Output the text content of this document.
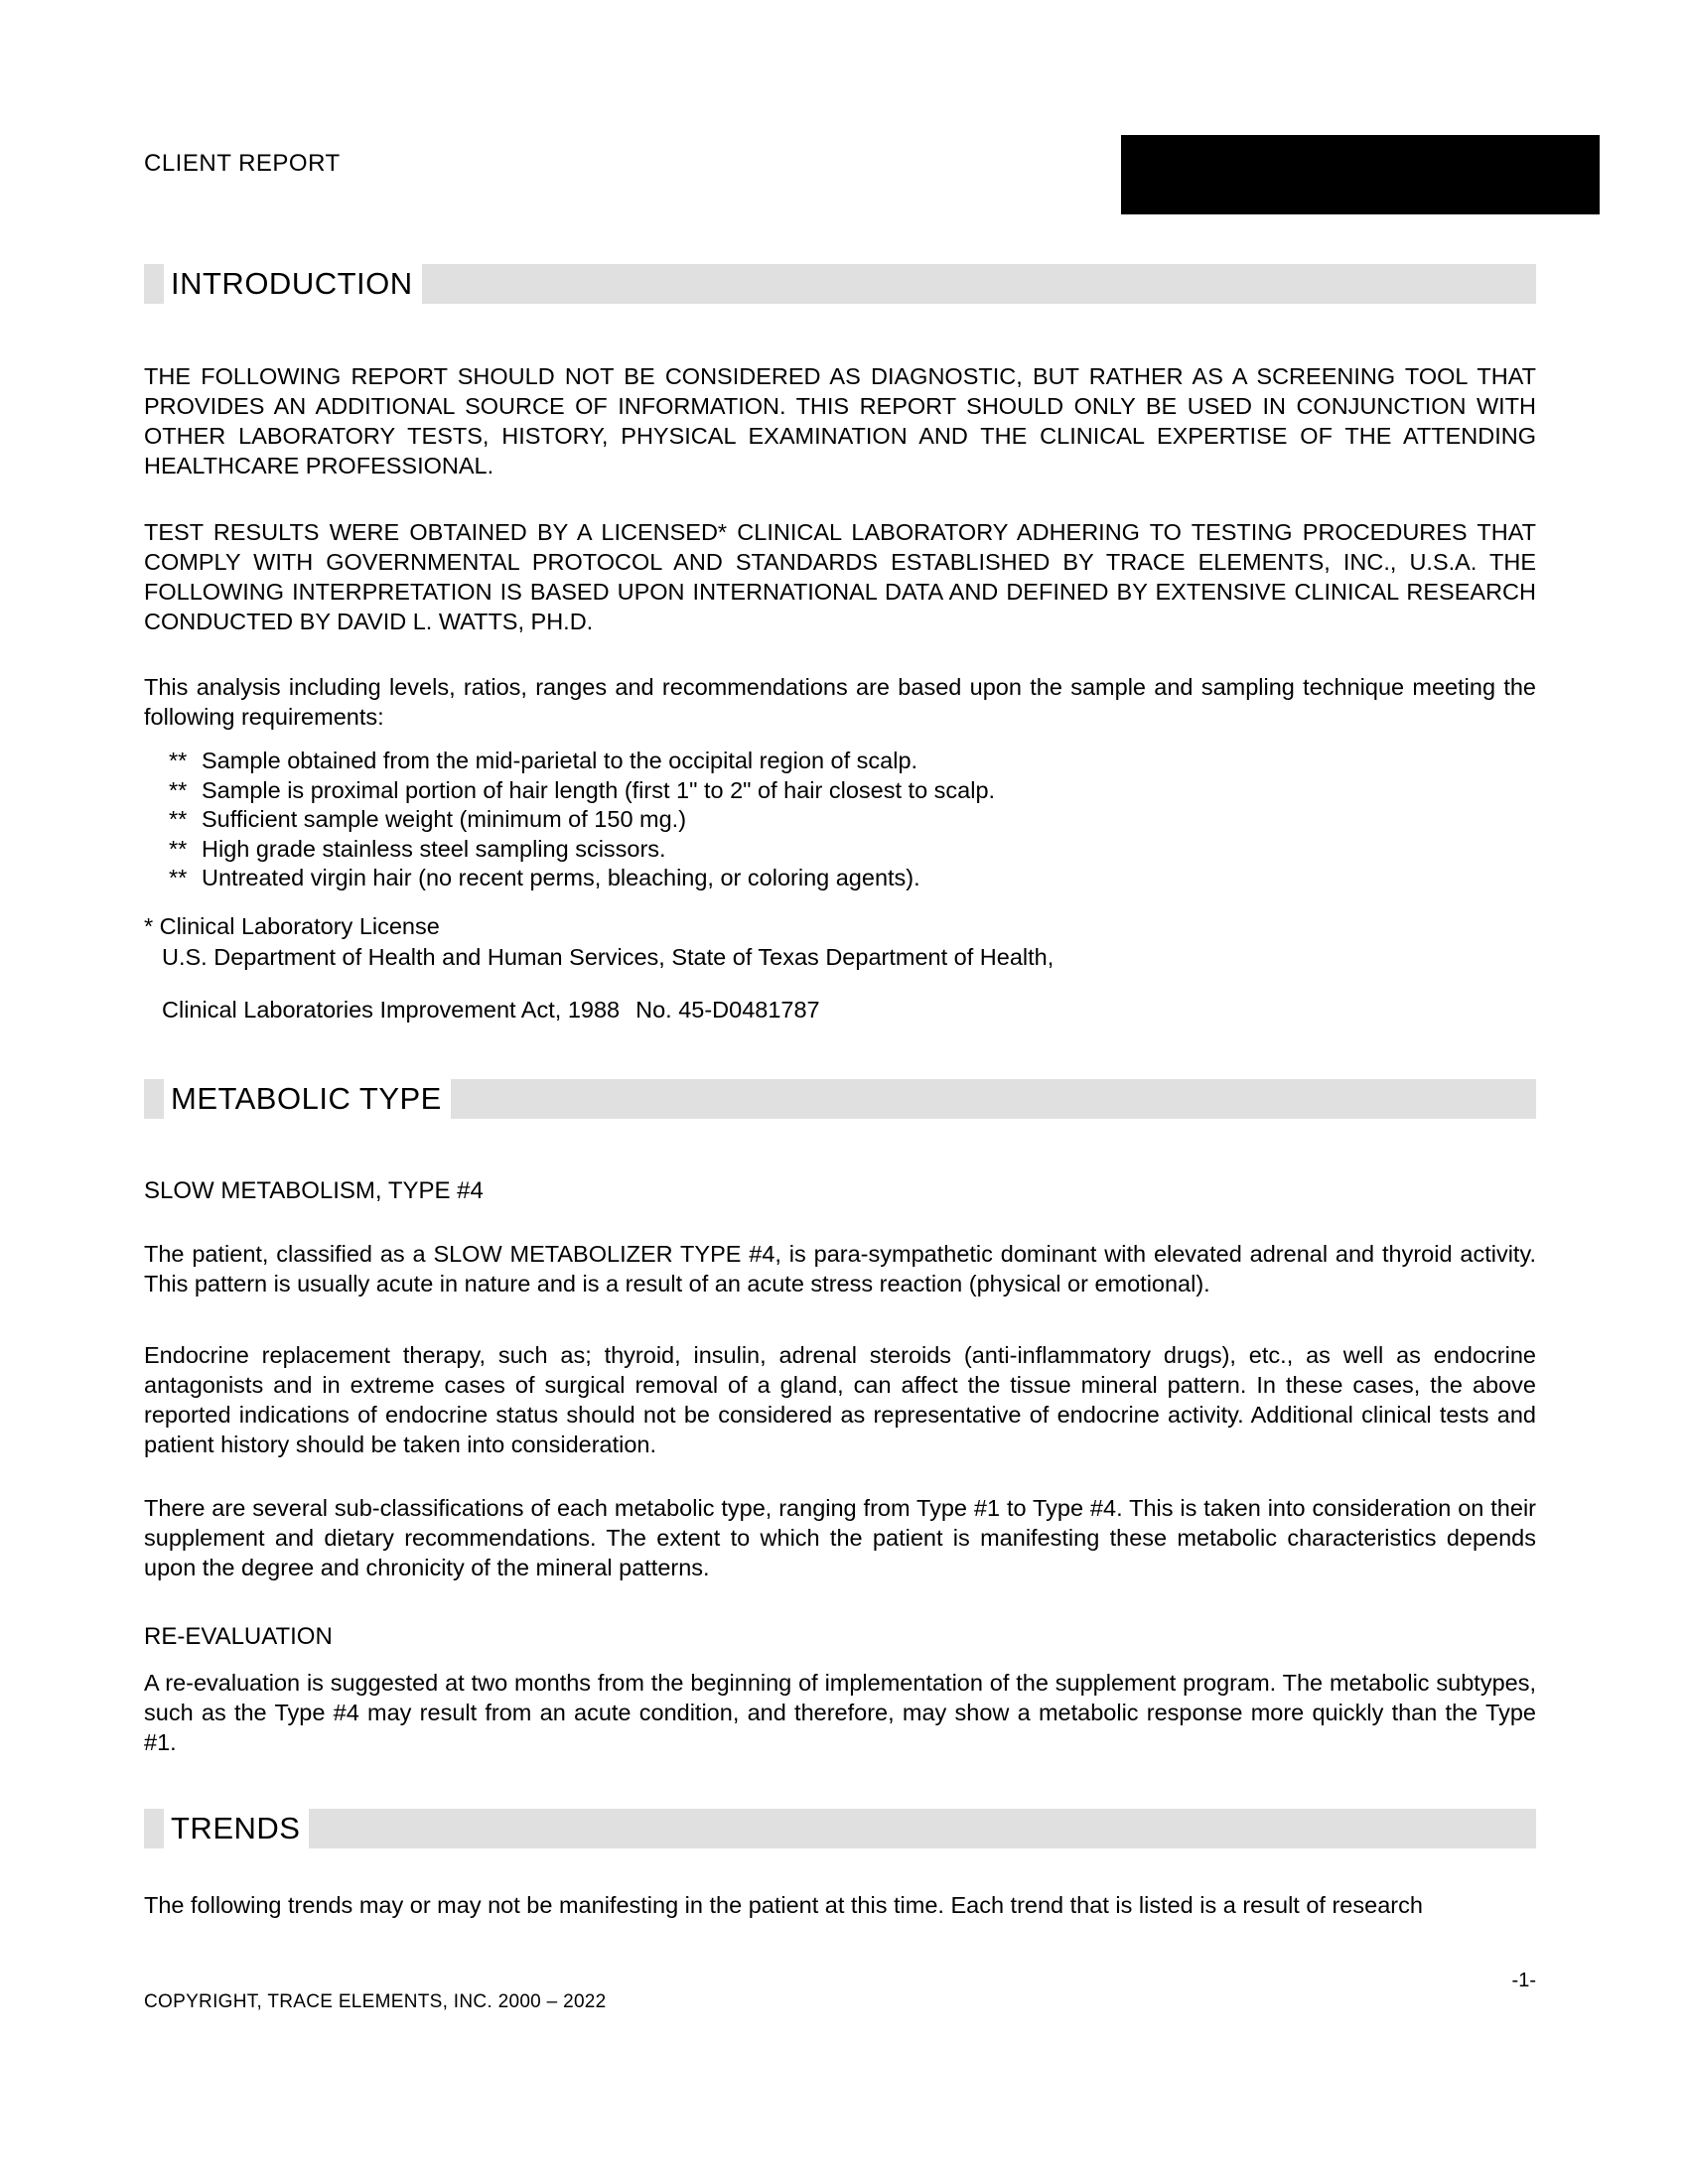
CLIENT REPORT
INTRODUCTION
THE FOLLOWING REPORT SHOULD NOT BE CONSIDERED AS DIAGNOSTIC, BUT RATHER AS A SCREENING TOOL THAT PROVIDES AN ADDITIONAL SOURCE OF INFORMATION. THIS REPORT SHOULD ONLY BE USED IN CONJUNCTION WITH OTHER LABORATORY TESTS, HISTORY, PHYSICAL EXAMINATION AND THE CLINICAL EXPERTISE OF THE ATTENDING HEALTHCARE PROFESSIONAL.
TEST RESULTS WERE OBTAINED BY A LICENSED* CLINICAL LABORATORY ADHERING TO TESTING PROCEDURES THAT COMPLY WITH GOVERNMENTAL PROTOCOL AND STANDARDS ESTABLISHED BY TRACE ELEMENTS, INC., U.S.A. THE FOLLOWING INTERPRETATION IS BASED UPON INTERNATIONAL DATA AND DEFINED BY EXTENSIVE CLINICAL RESEARCH CONDUCTED BY DAVID L. WATTS, PH.D.
This analysis including levels, ratios, ranges and recommendations are based upon the sample and sampling technique meeting the following requirements:
** Sample obtained from the mid-parietal to the occipital region of scalp.
** Sample is proximal portion of hair length (first 1" to 2" of hair closest to scalp.
** Sufficient sample weight (minimum of 150 mg.)
** High grade stainless steel sampling scissors.
** Untreated virgin hair (no recent perms, bleaching, or coloring agents).
* Clinical Laboratory License
U.S. Department of Health and Human Services, State of Texas Department of Health,
Clinical Laboratories Improvement Act, 1988 No. 45-D0481787
METABOLIC TYPE
SLOW METABOLISM, TYPE #4
The patient, classified as a SLOW METABOLIZER TYPE #4, is para-sympathetic dominant with elevated adrenal and thyroid activity. This pattern is usually acute in nature and is a result of an acute stress reaction (physical or emotional).
Endocrine replacement therapy, such as; thyroid, insulin, adrenal steroids (anti-inflammatory drugs), etc., as well as endocrine antagonists and in extreme cases of surgical removal of a gland, can affect the tissue mineral pattern. In these cases, the above reported indications of endocrine status should not be considered as representative of endocrine activity. Additional clinical tests and patient history should be taken into consideration.
There are several sub-classifications of each metabolic type, ranging from Type #1 to Type #4. This is taken into consideration on their supplement and dietary recommendations. The extent to which the patient is manifesting these metabolic characteristics depends upon the degree and chronicity of the mineral patterns.
RE-EVALUATION
A re-evaluation is suggested at two months from the beginning of implementation of the supplement program. The metabolic subtypes, such as the Type #4 may result from an acute condition, and therefore, may show a metabolic response more quickly than the Type #1.
TRENDS
The following trends may or may not be manifesting in the patient at this time. Each trend that is listed is a result of research
COPYRIGHT, TRACE ELEMENTS, INC. 2000 – 2022
-1-
